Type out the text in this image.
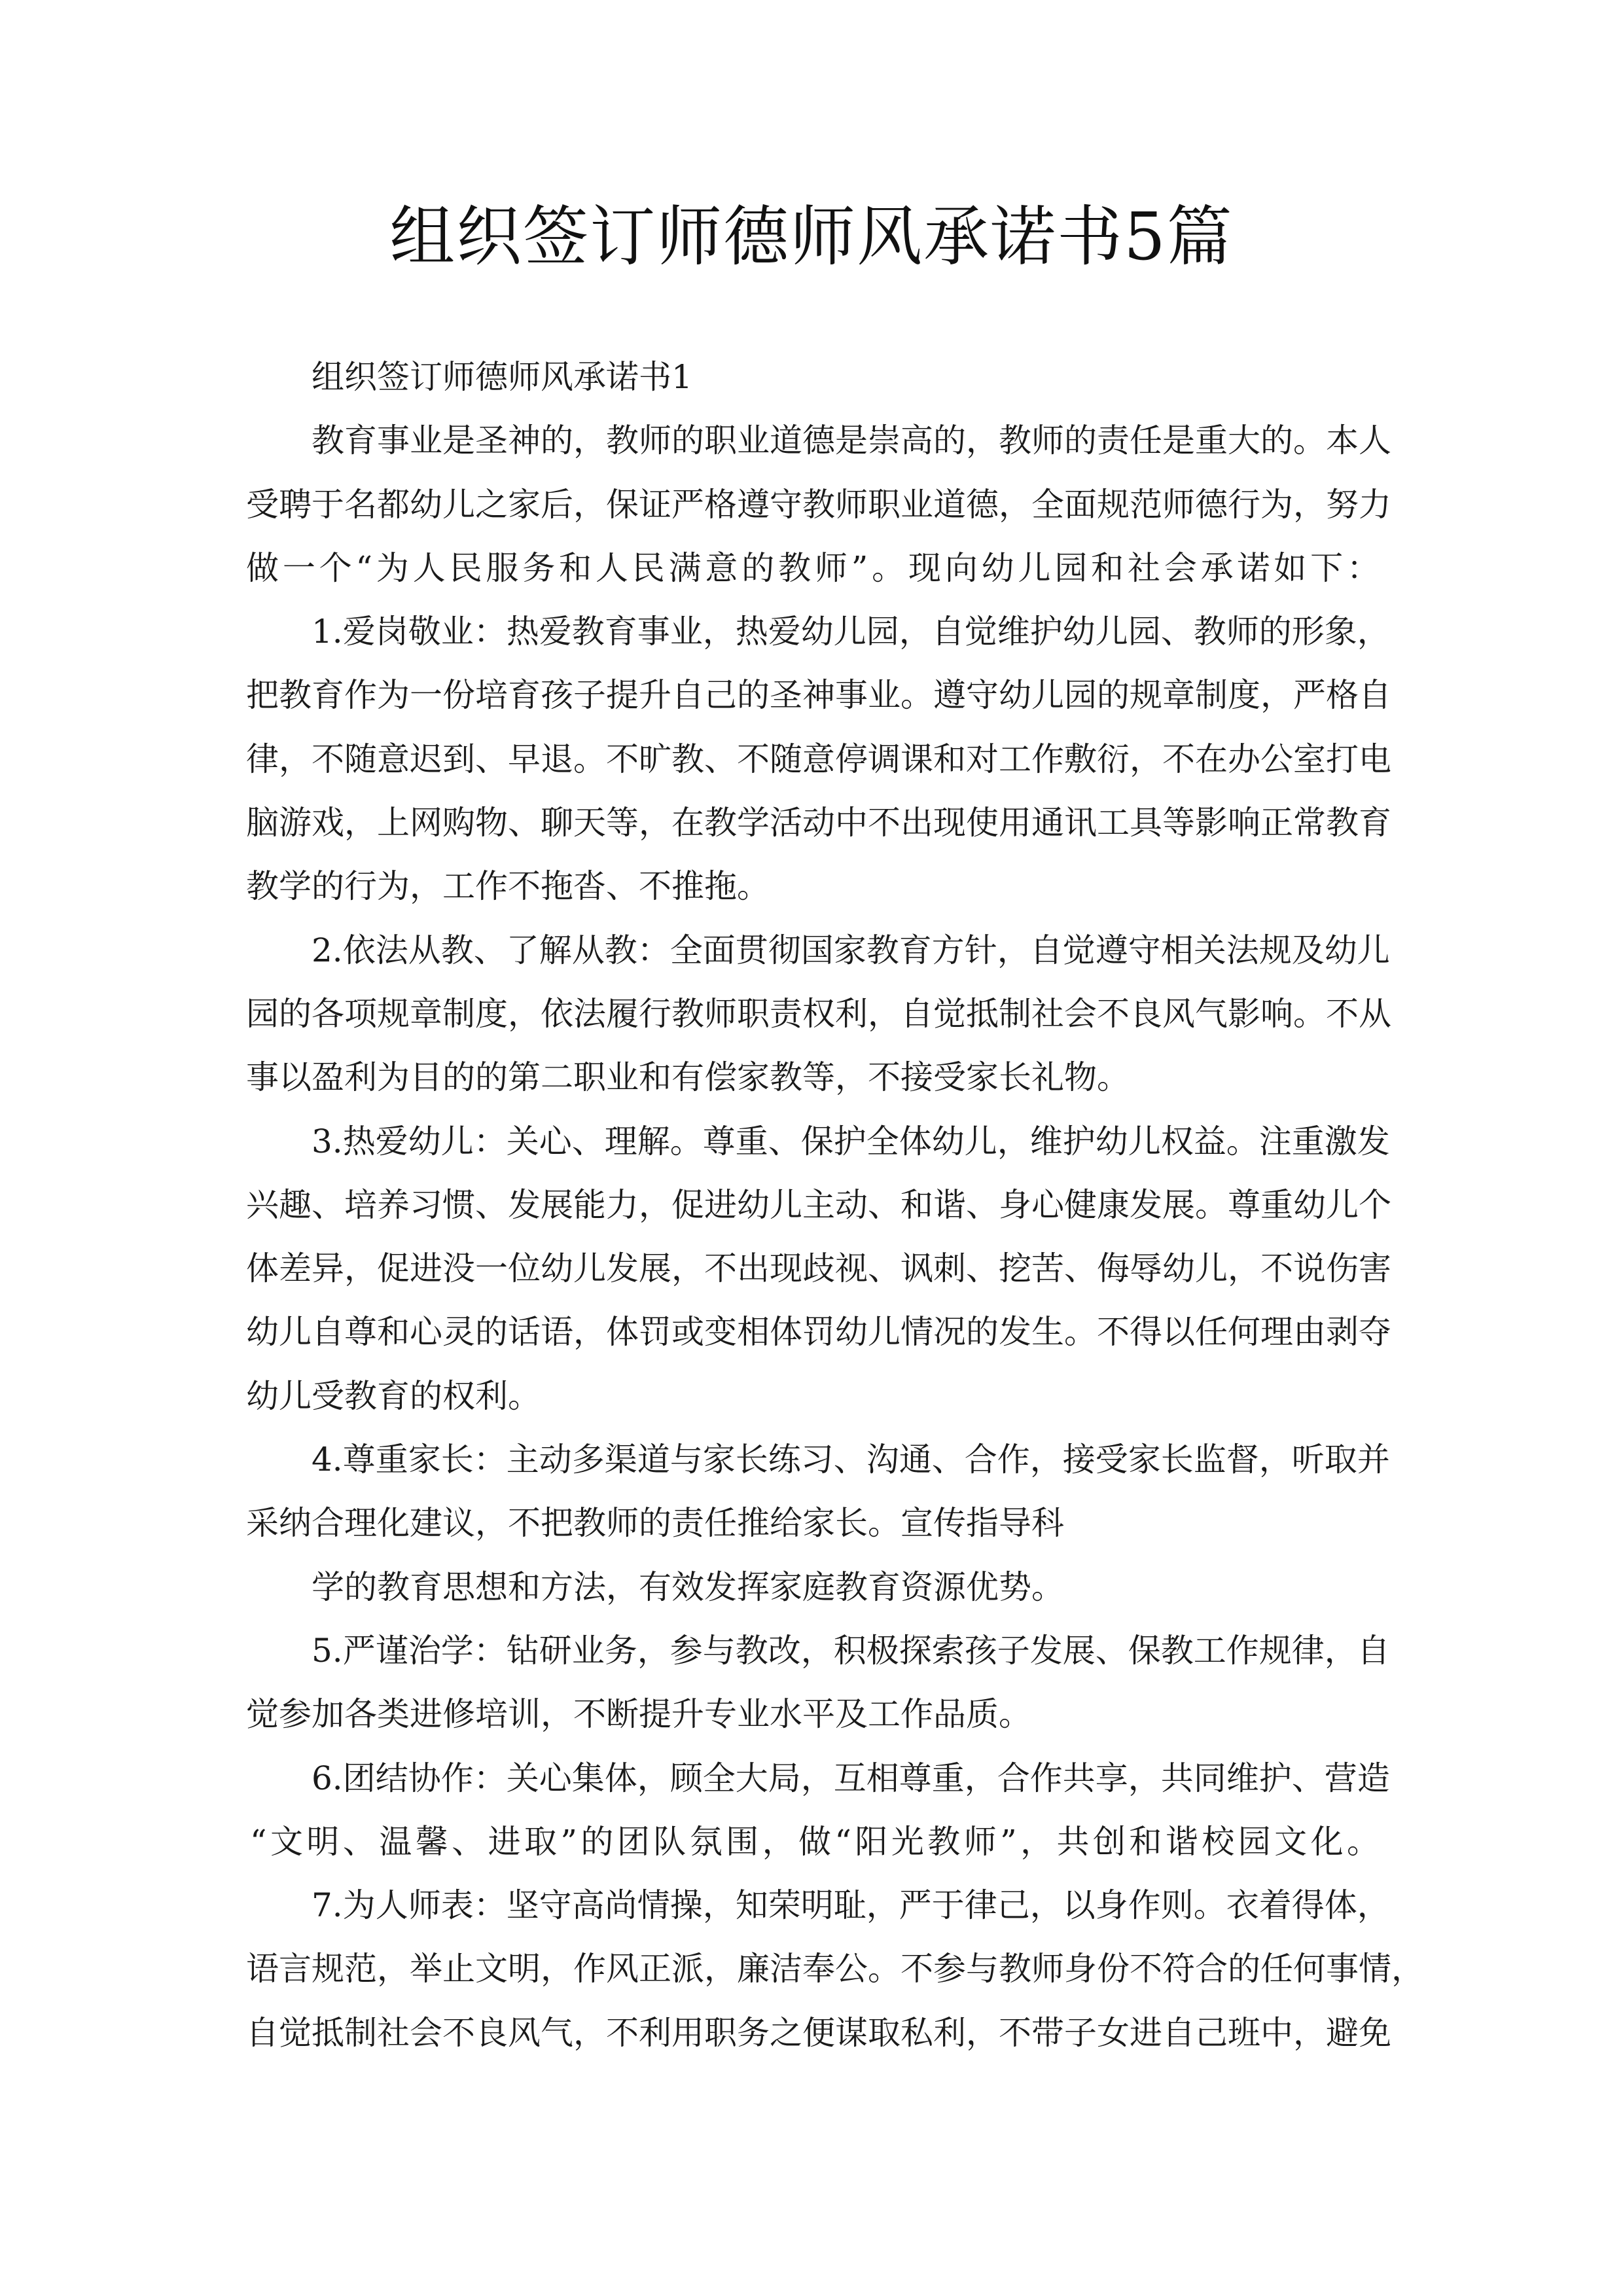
组织签订师德师风承诺书5篇
组织签订师德师风承诺书1
教育事业是圣神的，教师的职业道德是崇高的，教师的责任是重大的。本人
受聘于名都幼儿之家后，保证严格遵守教师职业道德，全面规范师德行为，努力
做一个“为人民服务和人民满意的教师”。现向幼儿园和社会承诺如下：
1.爱岗敬业：热爱教育事业，热爱幼儿园，自觉维护幼儿园、教师的形象，
把教育作为一份培育孩子提升自己的圣神事业。遵守幼儿园的规章制度，严格自
律，不随意迟到、早退。不旷教、不随意停调课和对工作敷衍，不在办公室打电
脑游戏，上网购物、聊天等，在教学活动中不出现使用通讯工具等影响正常教育
教学的行为，工作不拖沓、不推拖。
2.依法从教、了解从教：全面贯彻国家教育方针，自觉遵守相关法规及幼儿
园的各项规章制度，依法履行教师职责权利，自觉抵制社会不良风气影响。不从
事以盈利为目的的第二职业和有偿家教等，不接受家长礼物。
3.热爱幼儿：关心、理解。尊重、保护全体幼儿，维护幼儿权益。注重激发
兴趣、培养习惯、发展能力，促进幼儿主动、和谐、身心健康发展。尊重幼儿个
体差异，促进没一位幼儿发展，不出现歧视、讽刺、挖苦、侮辱幼儿，不说伤害
幼儿自尊和心灵的话语，体罚或变相体罚幼儿情况的发生。不得以任何理由剥夺
幼儿受教育的权利。
4.尊重家长：主动多渠道与家长练习、沟通、合作，接受家长监督，听取并
采纳合理化建议，不把教师的责任推给家长。宣传指导科
学的教育思想和方法，有效发挥家庭教育资源优势。
5.严谨治学：钻研业务，参与教改，积极探索孩子发展、保教工作规律，自
觉参加各类进修培训，不断提升专业水平及工作品质。
6.团结协作：关心集体，顾全大局，互相尊重，合作共享，共同维护、营造
“文明、温馨、进取”的团队氛围，做“阳光教师”，共创和谐校园文化。
7.为人师表：坚守高尚情操，知荣明耻，严于律己，以身作则。衣着得体，
语言规范，举止文明，作风正派，廉洁奉公。不参与教师身份不符合的任何事情，
自觉抵制社会不良风气，不利用职务之便谋取私利，不带子女进自己班中，避免
